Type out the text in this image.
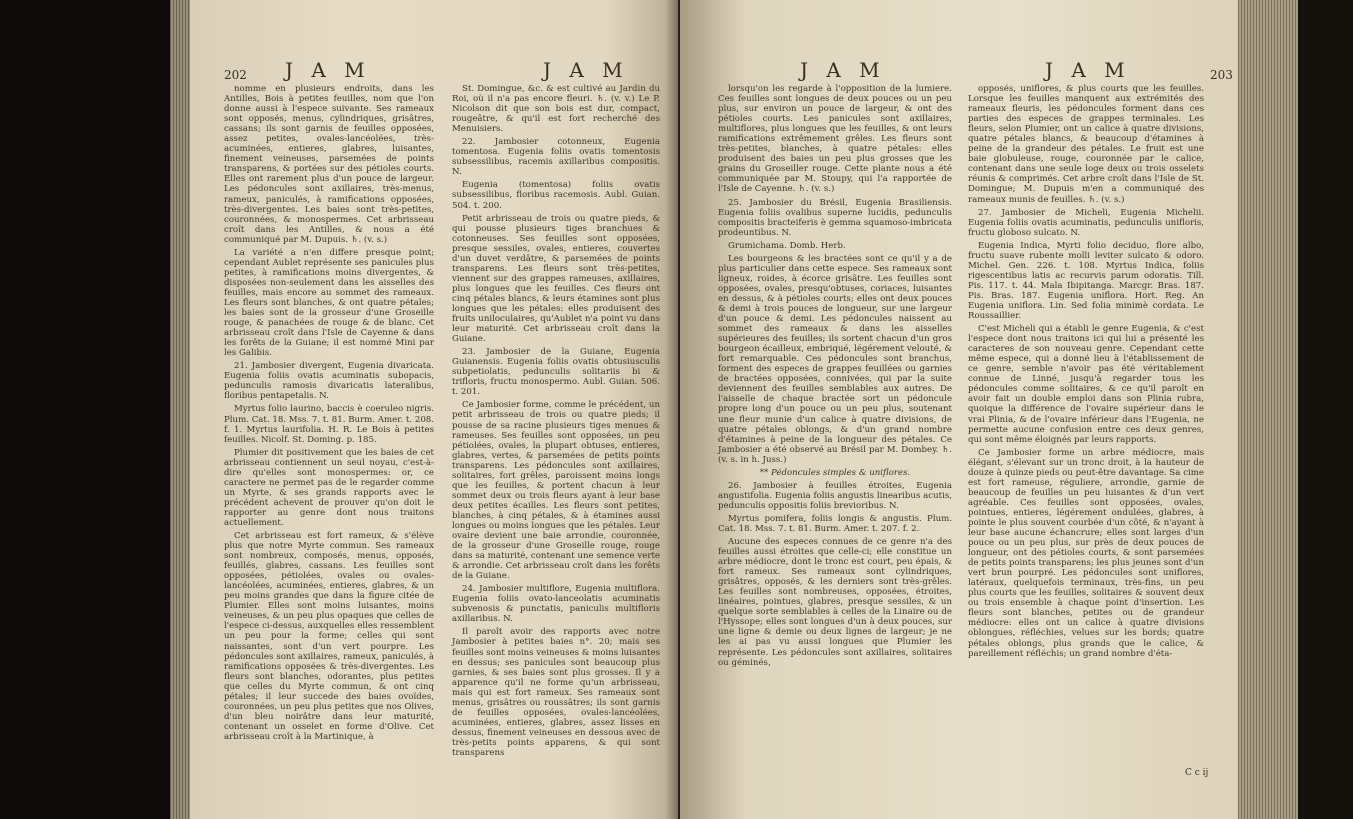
202 J A M	J A M

nomme en plusieurs endroits, dans les Antilles, Bois à petites feuilles, nom que l'on donne aussi à l'espece suivante. Ses rameaux sont opposés, menus, cylindriques, grisâtres, cassans; ils sont garnis de feuilles opposées, assez petites, ovales-lancéolées, très-acuminées, entieres, glabres, luisantes, finement veineuses, parsemées de points transparens, & portées sur des pétioles courts. Elles ont rarement plus d'un pouce de largeur. Les pédoncules sont axillaires, très-menus, rameux, paniculés, à ramifications opposées, très-divergentes. Les baies sont très-petites, couronnées, & monospermes. Cet arbrisseau croît dans les Antilles, & nous a été communiqué par M. Dupuis. ♄. (v. s.)

La variété a n'en differe presque point; cependant Aublet représente ses panicules plus petites, à ramifications moins divergentes, & disposées non-seulement dans les aisselles des feuilles, mais encore au sommet des rameaux. Les fleurs sont blanches, & ont quatre pétales; les baies sont de la grosseur d'une Groseille rouge, & panachées de rouge & de blanc. Cet arbrisseau croît dans l'Isle de Cayenne & dans les forêts de la Guiane; il est nommé Mini par les Galibis.

21. Jambosier divergent, Eugenia divaricata. Eugenia foliis ovatis acuminatis subopacis, pedunculis ramosis divaricatis lateralibus, floribus pentapetalis. N.

Myrtus folio laurino, baccis è coeruleo nigris. Plum. Cat. 18. Mss. 7. t. 81. Burm. Amer. t. 208. f. 1. Myrtus laurifolia. H. R. Le Bois à petites feuilles. Nicolf. St. Doming. p. 185.

Plumier dit positivement que les baies de cet arbrisseau contiennent un seul noyau, c'est-à-dire qu'elles sont monospermes: or, ce caractere ne permet pas de le regarder comme un Myrte, & ses grands rapports avec le précédent achevent de prouver qu'on doit le rapporter au genre dont nous traitons actuellement.

Cet arbrisseau est fort rameux, & s'élève plus que notre Myrte commun. Ses rameaux sont nombreux, composés, menus, opposés, feuillés, glabres, cassans. Les feuilles sont opposées, pétiolées, ovales ou ovales-lancéolées, acuminées, entieres, glabres, & un peu moins grandes que dans la figure citée de Plumier. Elles sont moins luisantes, moins veineuses, & un peu plus opaques que celles de l'espece ci-dessus, auxquelles elles ressemblent un peu pour la forme; celles qui sont naissantes, sont d'un vert pourpre. Les pédoncules sont axillaires, rameux, paniculés, à ramifications opposées & très-divergentes. Les fleurs sont blanches, odorantes, plus petites que celles du Myrte commun, & ont cinq pétales; il leur succede des baies ovoïdes, couronnées, un peu plus petites que nos Olives, d'un bleu noirâtre dans leur maturité, contenant un osselet en forme d'Olive. Cet arbrisseau croît à la Martinique, à

St. Domingue, &c. & est cultivé au Jardin du Roi, où il n'a pas encore fleuri. ♄. (v. v.) Le P. Nicolson dit que son bois est dur, compact, rougeâtre, & qu'il est fort recherché des Menuisiers.

22. Jambosier cotonneux, Eugenia tomentosa. Eugenia foliis ovatis tomentosis subsessilibus, racemis axillaribus compositis. N.

Eugenia (tomentosa) foliis ovatis subsessilibus, floribus racemosis. Aubl. Guian. 504. t. 200.

Petit arbrisseau de trois ou quatre pieds, & qui pousse plusieurs tiges branchues & cotonneuses. Ses feuilles sont opposées, presque sessiles, ovales, entieres, couvertes d'un duvet verdâtre, & parsemées de points transparens. Les fleurs sont très-petites, viennent sur des grappes rameuses, axillaires, plus longues que les feuilles. Ces fleurs ont cinq pétales blancs, & leurs étamines sont plus longues que les pétales: elles produisent des fruits uniloculaires, qu'Aublet n'a point vu dans leur maturité. Cet arbrisseau croît dans la Guiane.

23. Jambosier de la Guiane, Eugenia Guianensis. Eugenia foliis ovatis obtusiusculis subpetiolatis, pedunculis solitariis bi & trifloris, fructu monospermo. Aubl. Guian. 506. t. 201.

Ce Jambosier forme, comme le précédent, un petit arbrisseau de trois ou quatre pieds; il pousse de sa racine plusieurs tiges menues & rameuses. Ses feuilles sont opposées, un peu pétiolées, ovales, la plupart obtuses, entieres, glabres, vertes, & parsemées de petits points transparens. Les pédoncules sont axillaires, solitaires, fort grêles, paroissent moins longs que les feuilles, & portent chacun à leur sommet deux ou trois fleurs ayant à leur base deux petites écailles. Les fleurs sont petites, blanches, à cinq pétales, & à étamines aussi longues ou moins longues que les pétales. Leur ovaire devient une baie arrondie, couronnée, de la grosseur d'une Groseille rouge, rouge dans sa maturité, contenant une semence verte & arrondie. Cet arbrisseau croît dans les forêts de la Guiane.

24. Jambosier multiflore, Eugenia multiflora. Eugenia foliis ovato-lanceolatis acuminatis subvenosis & punctatis, paniculis multifloris axillaribus. N.

Il paroît avoir des rapports avec notre Jambosier à petites baies n°. 20; mais ses feuilles sont moins veineuses & moins luisantes en dessus; ses panicules sont beaucoup plus garnies, & ses baies sont plus grosses. Il y a apparence qu'il ne forme qu'un arbrisseau, mais qui est fort rameux. Ses rameaux sont menus, grisâtres ou roussâtres; ils sont garnis de feuilles opposées, ovales-lancéolées, acuminées, entieres, glabres, assez lisses en dessus, finement veineuses en dessous avec de très-petits points apparens, & qui sont transparens

J A M	J A M	203

lorsqu'on les regarde à l'opposition de la lumiere. Ces feuilles sont longues de deux pouces ou un peu plus, sur environ un pouce de largeur, & ont des pétioles courts. Les panicules sont axillaires, multiflores, plus longues que les feuilles, & ont leurs ramifications extrêmement grêles. Les fleurs sont très-petites, blanches, à quatre pétales: elles produisent des baies un peu plus grosses que les grains du Groseiller rouge. Cette plante nous a été communiquée par M. Stoupy, qui l'a rapportée de l'Isle de Cayenne. ♄. (v. s.)

25. Jambosier du Brésil, Eugenia Brasiliensis. Eugenia foliis ovalibus superne lucidis, pedunculis compositis bracteiferis è gemma squamoso-imbricata prodeuntibus. N.

Grumichama. Domb. Herb.

Les bourgeons & les bractées sont ce qu'il y a de plus particulier dans cette espece. Ses rameaux sont ligneux, roides, à écorce grisâtre. Les feuilles sont opposées, ovales, presqu'obtuses, coriaces, luisantes en dessus, & à pétioles courts; elles ont deux pouces & demi à trois pouces de longueur, sur une largeur d'un pouce & demi. Les pédoncules naissent au sommet des rameaux & dans les aisselles supérieures des feuilles; ils sortent chacun d'un gros bourgeon écailleux, embriqué, légérement velouté, & fort remarquable. Ces pédoncules sont branchus, forment des especes de grappes feuillées ou garnies de bractées opposées, connivées, qui par la suite deviennent des feuilles semblables aux autres. De l'aisselle de chaque bractée sort un pédoncule propre long d'un pouce ou un peu plus, soutenant une fleur munie d'un calice à quatre divisions, de quatre pétales oblongs, & d'un grand nombre d'étamines à peine de la longueur des pétales. Ce Jambosier a été observé au Brésil par M. Dombey. ♄. (v. s. in h. Juss.)

** Pédoncules simples & uniflores.

26. Jambosier à feuilles étroites, Eugenia angustifolia. Eugenia foliis angustis linearibus acutis, pedunculis oppositis foliis brevioribus. N.

Myrtus pomifera, foliis longis & angustis. Plum. Cat. 18. Mss. 7. t. 81. Burm. Amer. t. 207. f. 2.

Aucune des especes connues de ce genre n'a des feuilles aussi étroites que celle-ci; elle constitue un arbre médiocre, dont le tronc est court, peu épais, & fort rameux. Ses rameaux sont cylindriques, grisâtres, opposés, & les derniers sont très-grêles. Les feuilles sont nombreuses, opposées, étroites, linéaires, pointues, glabres, presque sessiles, & un quelque sorte semblables à celles de la Linaire ou de l'Hyssope; elles sont longues d'un à deux pouces, sur une ligne & demie ou deux lignes de largeur; je ne les ai pas vu aussi longues que Plumier les représente. Les pédoncules sont axillaires, solitaires ou géminés,

opposés, uniflores, & plus courts que les feuilles. Lorsque les feuilles manquent aux extrémités des rameaux fleuris, les pédoncules forment dans ces parties des especes de grappes terminales. Les fleurs, selon Plumier, ont un calice à quatre divisions, quatre pétales blancs, & beaucoup d'étamines à peine de la grandeur des pétales. Le fruit est une baie globuleuse, rouge, couronnée par le calice, contenant dans une seule loge deux ou trois osselets réunis & comprimés. Cet arbre croît dans l'Isle de St. Domingue; M. Dupuis m'en a communiqué des rameaux munis de feuilles. ♄. (v. s.)

27. Jambosier de Micheli, Eugenia Michelii. Eugenia foliis ovatis acuminatis, pedunculis unifloris, fructu globoso sulcato. N.

Eugenia Indica, Myrti folio deciduo, flore albo, fructu suave rubente molli leviter sulcato & odoro. Michel. Gen. 226. t. 108. Myrtus Indica, foliis rigescentibus latis ac recurvis parum odoratis. Till. Pis. 117. t. 44. Mala Ibipitanga. Marcgr. Bras. 187. Pis. Bras. 187. Eugenia uniflora. Hort. Reg. An Eugenia uniflora. Lin. Sed folia minimè cordata. Le Roussaillier.

C'est Micheli qui a établi le genre Eugenia, & c'est l'espece dont nous traitons ici qui lui a présenté les caracteres de son nouveau genre. Cependant cette même espece, qui a donné lieu à l'établissement de ce genre, semble n'avoir pas été véritablement connue de Linné, jusqu'à regarder tous les pédoncules comme solitaires, & ce qu'il paroît en avoir fait un double emploi dans son Plinia rubra, quoique la différence de l'ovaire supérieur dans le vrai Plinia, & de l'ovaire inférieur dans l'Eugenia, ne permette aucune confusion entre ces deux genres, qui sont même éloignés par leurs rapports.

Ce Jambosier forme un arbre médiocre, mais élégant, s'élevant sur un tronc droit, à la hauteur de douze à quinze pieds ou peut-être davantage. Sa cime est fort rameuse, réguliere, arrondie, garnie de beaucoup de feuilles un peu luisantes & d'un vert agréable. Ces feuilles sont opposées, ovales, pointues, entieres, légérement ondulées, glabres, à pointe le plus souvent courbée d'un côté, & n'ayant à leur base aucune échancrure; elles sont larges d'un pouce ou un peu plus, sur près de deux pouces de longueur, ont des pétioles courts, & sont parsemées de petits points transparens; les plus jeunes sont d'un vert brun pourpré. Les pédoncules sont uniflores, latéraux, quelquefois terminaux, très-fins, un peu plus courts que les feuilles, solitaires & souvent deux ou trois ensemble à chaque point d'insertion. Les fleurs sont blanches, petites ou de grandeur médiocre: elles ont un calice à quatre divisions oblongues, réfléchies, velues sur les bords; quatre pétales oblongs, plus grands que le calice, & pareillement réfléchis; un grand nombre d'éta-

C c ij
